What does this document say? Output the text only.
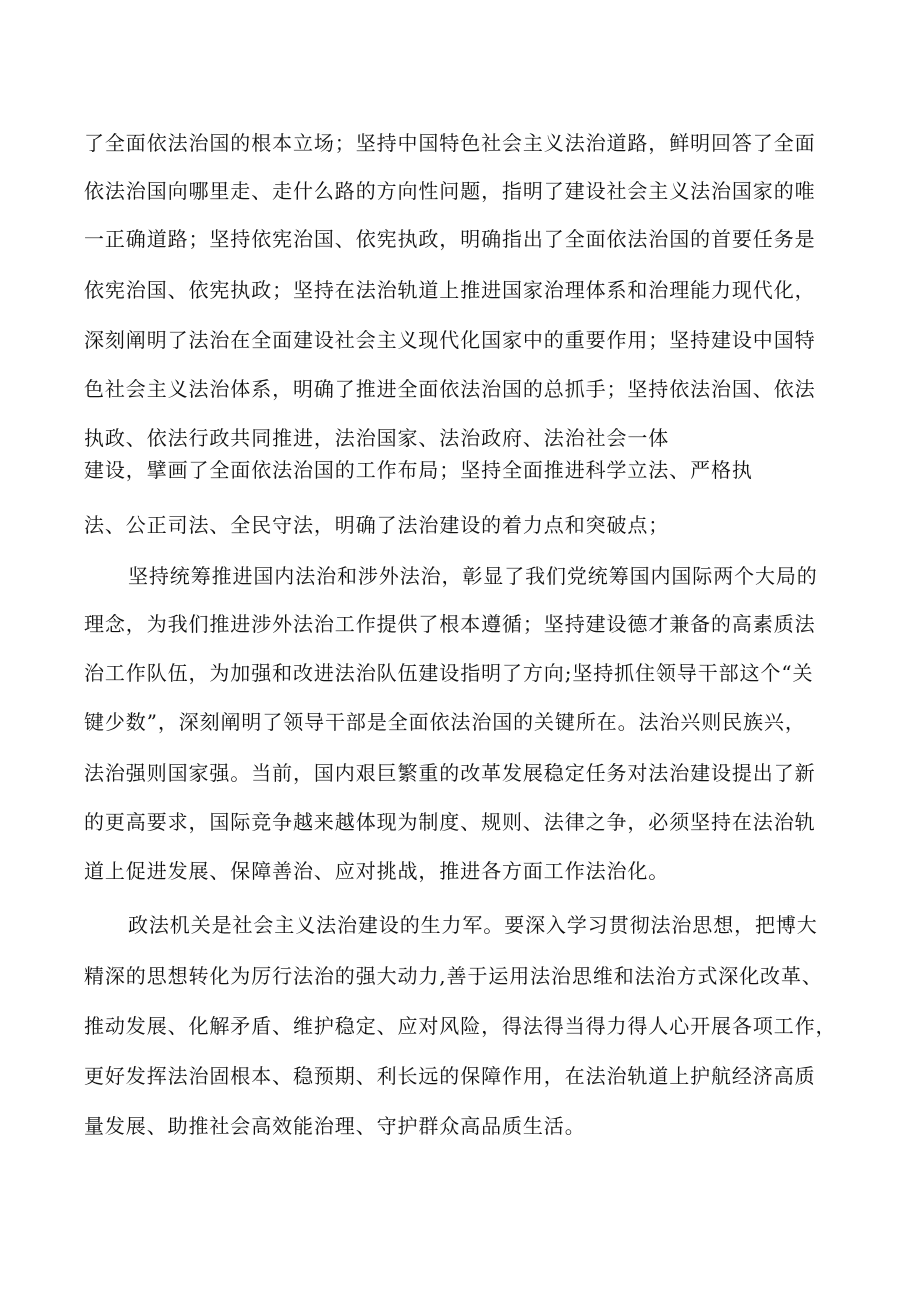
了全面依法治国的根本立场；坚持中国特色社会主义法治道路，鲜明回答了全面

依法治国向哪里走、走什么路的方向性问题，指明了建设社会主义法治国家的唯

一正确道路；坚持依宪治国、依宪执政，明确指出了全面依法治国的首要任务是

依宪治国、依宪执政；坚持在法治轨道上推进国家治理体系和治理能力现代化，

深刻阐明了法治在全面建设社会主义现代化国家中的重要作用；坚持建设中国特

色社会主义法治体系，明确了推进全面依法治国的总抓手；坚持依法治国、依法

执政、依法行政共同推进，法治国家、法治政府、法治社会一体

建设，擘画了全面依法治国的工作布局；坚持全面推进科学立法、严格执

法、公正司法、全民守法，明确了法治建设的着力点和突破点；

坚持统筹推进国内法治和涉外法治，彰显了我们党统筹国内国际两个大局的

理念，为我们推进涉外法治工作提供了根本遵循；坚持建设德才兼备的高素质法

治工作队伍，为加强和改进法治队伍建设指明了方向;坚持抓住领导干部这个“关

键少数”，深刻阐明了领导干部是全面依法治国的关键所在。法治兴则民族兴，

法治强则国家强。当前，国内艰巨繁重的改革发展稳定任务对法治建设提出了新

的更高要求，国际竞争越来越体现为制度、规则、法律之争，必须坚持在法治轨

道上促进发展、保障善治、应对挑战，推进各方面工作法治化。

政法机关是社会主义法治建设的生力军。要深入学习贯彻法治思想，把博大

精深的思想转化为厉行法治的强大动力,善于运用法治思维和法治方式深化改革、

推动发展、化解矛盾、维护稳定、应对风险，得法得当得力得人心开展各项工作，

更好发挥法治固根本、稳预期、利长远的保障作用，在法治轨道上护航经济高质

量发展、助推社会高效能治理、守护群众高品质生活。
